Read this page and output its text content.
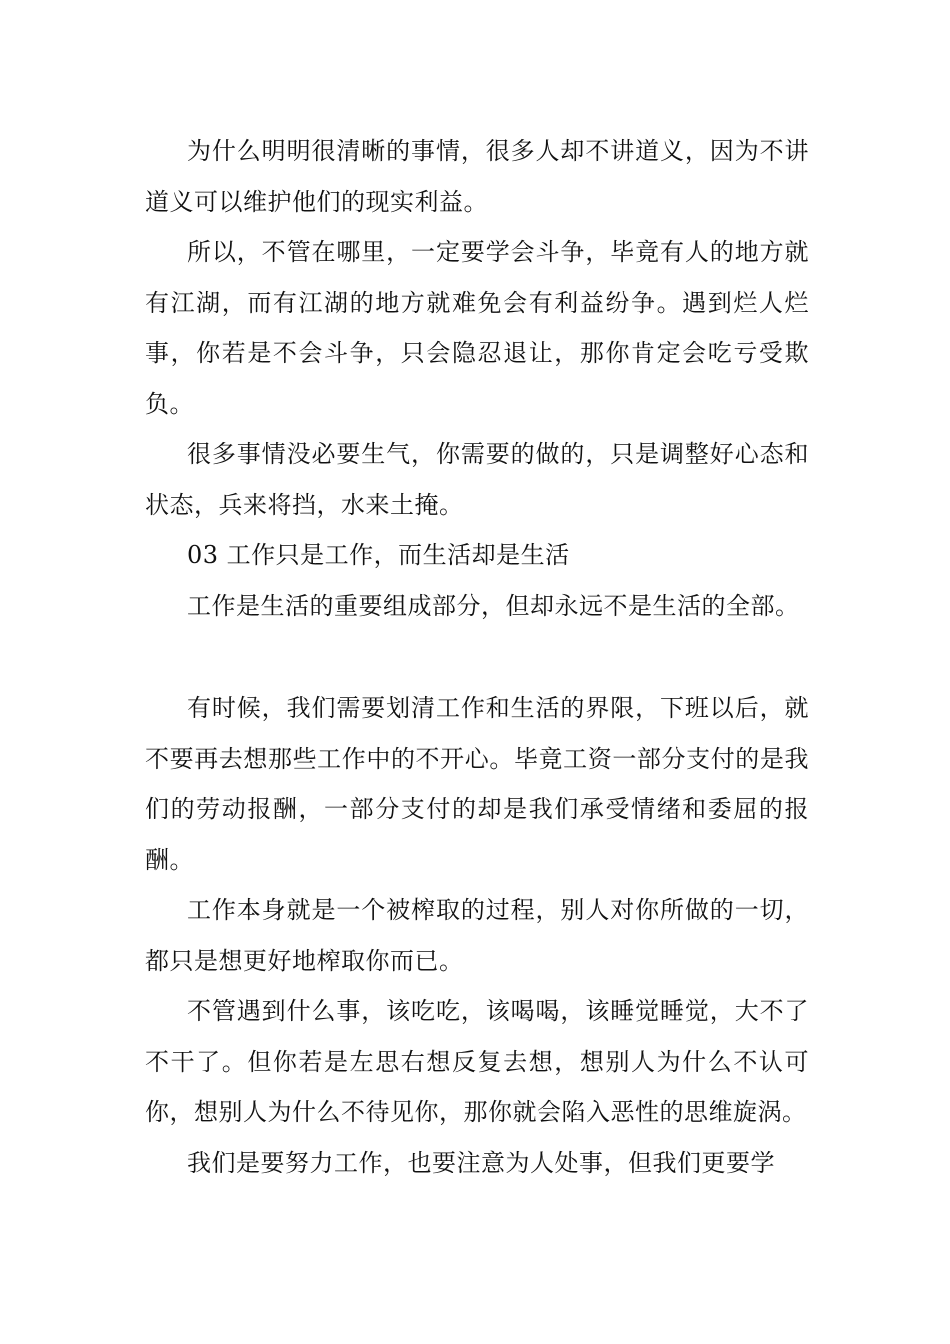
为什么明明很清晰的事情，很多人却不讲道义，因为不讲道义可以维护他们的现实利益。

所以，不管在哪里，一定要学会斗争，毕竟有人的地方就有江湖，而有江湖的地方就难免会有利益纷争。遇到烂人烂事，你若是不会斗争，只会隐忍退让，那你肯定会吃亏受欺负。

很多事情没必要生气，你需要的做的，只是调整好心态和状态，兵来将挡，水来土掩。

03 工作只是工作，而生活却是生活

工作是生活的重要组成部分，但却永远不是生活的全部。

有时候，我们需要划清工作和生活的界限，下班以后，就不要再去想那些工作中的不开心。毕竟工资一部分支付的是我们的劳动报酬，一部分支付的却是我们承受情绪和委屈的报酬。

工作本身就是一个被榨取的过程，别人对你所做的一切，都只是想更好地榨取你而已。

不管遇到什么事，该吃吃，该喝喝，该睡觉睡觉，大不了不干了。但你若是左思右想反复去想，想别人为什么不认可你，想别人为什么不待见你，那你就会陷入恶性的思维旋涡。

我们是要努力工作，也要注意为人处事，但我们更要学
